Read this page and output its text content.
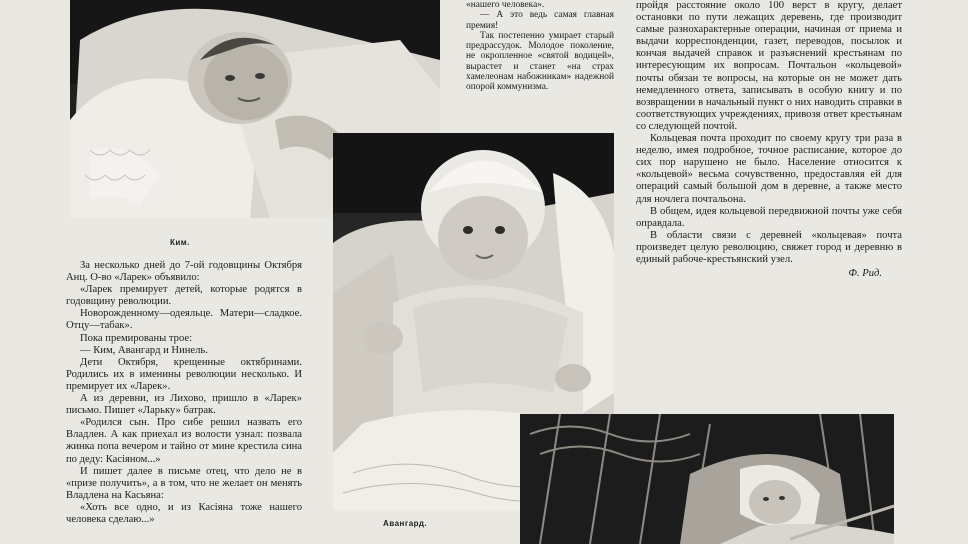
Ким.
Авангард.

За несколько дней до 7-ой годовщины Октября Анц. О-во «Ларек» объявило:

«Ларек премирует детей, которые родятся в годовщину революции.

Новорожденному—одеяльце. Матери—сладкое. Отцу—табак».

Пока премированы трое:

— Ким, Авангард и Нинель.

Дети Октября, крещенные октябринами. Родились их в именины революции несколько. И премирует их «Ларек».

А из деревни, из Лихово, пришло в «Ларек» письмо. Пишет «Ларьку» батрак.

«Родился сын. Про сибе решил назвать его Владлен. А как приехал из волости узнал: позвала жинка попа вечером и тайно от мине крестила сина по деду: Касіяном...»

И пишет далее в письме отец, что дело не в «призе получить», а в том, что не желает он менять Владлена на Касьяна:

«Хоть все одно, и из Касіяна тоже нашего человека сделаю...»

«нашего человека».

— А это ведь самая главная премия!

Так постепенно умирает старый предрассудок. Молодое поколение, не окропленное «святой водицей», вырастет и станет «на страх хамелеонам набожникам» надежной опорой коммунизма.

пройдя расстояние около 100 верст в кругу, делает остановки по пути лежащих деревень, где производит самые разнохарактерные операции, начиная от приема и выдачи корреспонденции, газет, переводов, посылок и кончая выдачей справок и разъяснений крестьянам по интересующим их вопросам. Почтальон «кольцевой» почты обязан те вопросы, на которые он не может дать немедленного ответа, записывать в особую книгу и по возвращении в начальный пункт о них наводить справки в соответствующих учреждениях, привозя ответ крестьянам со следующей почтой.

Кольцевая почта проходит по своему кругу три раза в неделю, имея подробное, точное расписание, которое до сих пор нарушено не было. Население относится к «кольцевой» весьма сочувственно, предоставляя ей для операций самый большой дом в деревне, а также место для ночлега почтальона.

В общем, идея кольцевой передвижной почты уже себя оправдала.

В области связи с деревней «кольцевая» почта произведет целую революцию, свяжет город и деревню в единый рабоче-крестьянский узел.

Ф. Рид.
